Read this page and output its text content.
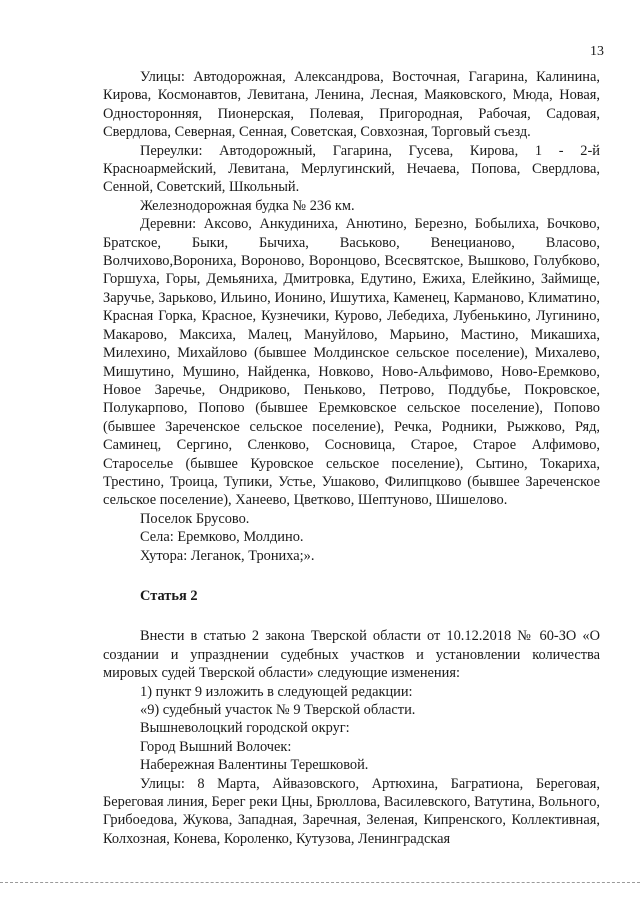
13

Улицы: Автодорожная, Александрова, Восточная, Гагарина, Калинина, Кирова, Космонавтов, Левитана, Ленина, Лесная, Маяковского, Мюда, Новая, Односторонняя, Пионерская, Полевая, Пригородная, Рабочая, Садовая, Свердлова, Северная, Сенная, Советская, Совхозная, Торговый съезд.

Переулки: Автодорожный, Гагарина, Гусева, Кирова, 1 - 2-й Красноармейский, Левитана, Мерлугинский, Нечаева, Попова, Свердлова, Сенной, Советский, Школьный.

Железнодорожная будка № 236 км.

Деревни: Аксово, Анкудиниха, Анютино, Березно, Бобылиха, Бочково, Братское, Быки, Бычиха, Васьково, Венецианово, Власово, Волчихово,Ворониха, Вороново, Воронцово, Всесвятское, Вышково, Голубково, Горшуха, Горы, Демьяниха, Дмитровка, Едутино, Ежиха, Елейкино, Займище, Заручье, Зарьково, Ильино, Ионино, Ишутиха, Каменец, Карманово, Климатино, Красная Горка, Красное, Кузнечики, Курово, Лебедиха, Лубенькино, Лугинино, Макарово, Максиха, Малец, Мануйлово, Марьино, Мастино, Микашиха, Милехино, Михайлово (бывшее Молдинское сельское поселение), Михалево, Мишутино, Мушино, Найденка, Новково, Ново-Альфимово, Ново-Еремково, Новое Заречье, Ондриково, Пеньково, Петрово, Поддубье, Покровское, Полукарпово, Попово (бывшее Еремковское сельское поселение), Попово (бывшее Зареченское сельское поселение), Речка, Родники, Рыжково, Ряд, Саминец, Сергино, Сленково, Сосновица, Старое, Старое Алфимово, Староселье (бывшее Куровское сельское поселение), Сытино, Токариха, Трестино, Троица, Тупики, Устье, Ушаково, Филипцково (бывшее Зареченское сельское поселение), Ханеево, Цветково, Шептуново, Шишелово.

Поселок Брусово.

Села: Еремково, Молдино.

Хутора: Леганок, Трониха;».

Статья 2

Внести в статью 2 закона Тверской области от 10.12.2018 № 60-ЗО «О создании и упразднении судебных участков и установлении количества мировых судей Тверской области» следующие изменения:

1) пункт 9 изложить в следующей редакции:

«9) судебный участок № 9 Тверской области.

Вышневолоцкий городской округ:

Город Вышний Волочек:

Набережная Валентины Терешковой.

Улицы: 8 Марта, Айвазовского, Артюхина, Багратиона, Береговая, Береговая линия, Берег реки Цны, Брюллова, Василевского, Ватутина, Вольного, Грибоедова, Жукова, Западная, Заречная, Зеленая, Кипренского, Коллективная, Колхозная, Конева, Короленко, Кутузова, Ленинградская
